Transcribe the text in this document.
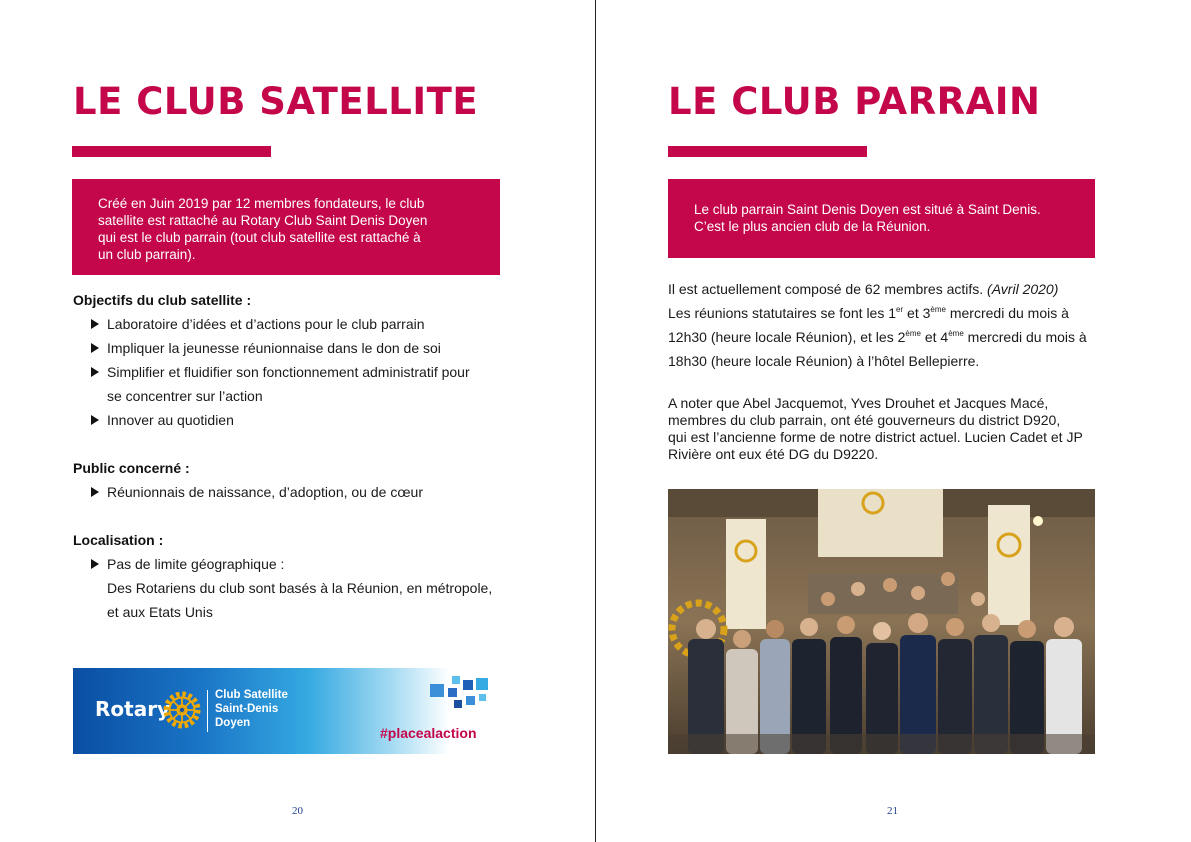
LE CLUB SATELLITE

Créé en Juin 2019 par 12 membres fondateurs, le club

satellite est rattaché au Rotary Club Saint Denis Doyen

qui est le club parrain (tout club satellite est rattaché à

un club parrain).

Objectifs du club satellite :
Laboratoire d’idées et d’actions pour le club parrain
Impliquer la jeunesse réunionnaise dans le don de soi
Simplifier et fluidifier son fonctionnement administratif pour
se concentrer sur l’action
Innover au quotidien
Public concerné :
Réunionnais de naissance, d’adoption, ou de cœur
Localisation :
Pas de limite géographique :
Des Rotariens du club sont basés à la Réunion, en métropole,
et aux Etats Unis
Rotary
Club Satellite
Saint-Denis
Doyen
#placealaction
20
LE CLUB PARRAIN

Le club parrain Saint Denis Doyen est situé à Saint Denis.

C’est le plus ancien club de la Réunion.

Il est actuellement composé de 62 membres actifs. (Avril 2020)

Les réunions statutaires se font les 1er et 3ème mercredi du mois à

12h30 (heure locale Réunion), et les 2ème et 4ème mercredi du mois à

18h30 (heure locale Réunion) à l’hôtel Bellepierre.

A noter que Abel Jacquemot, Yves Drouhet et Jacques Macé,

membres du club parrain, ont été gouverneurs du district D920,

qui est l’ancienne forme de notre district actuel. Lucien Cadet et JP

Rivière ont eux été DG du D9220.

21
